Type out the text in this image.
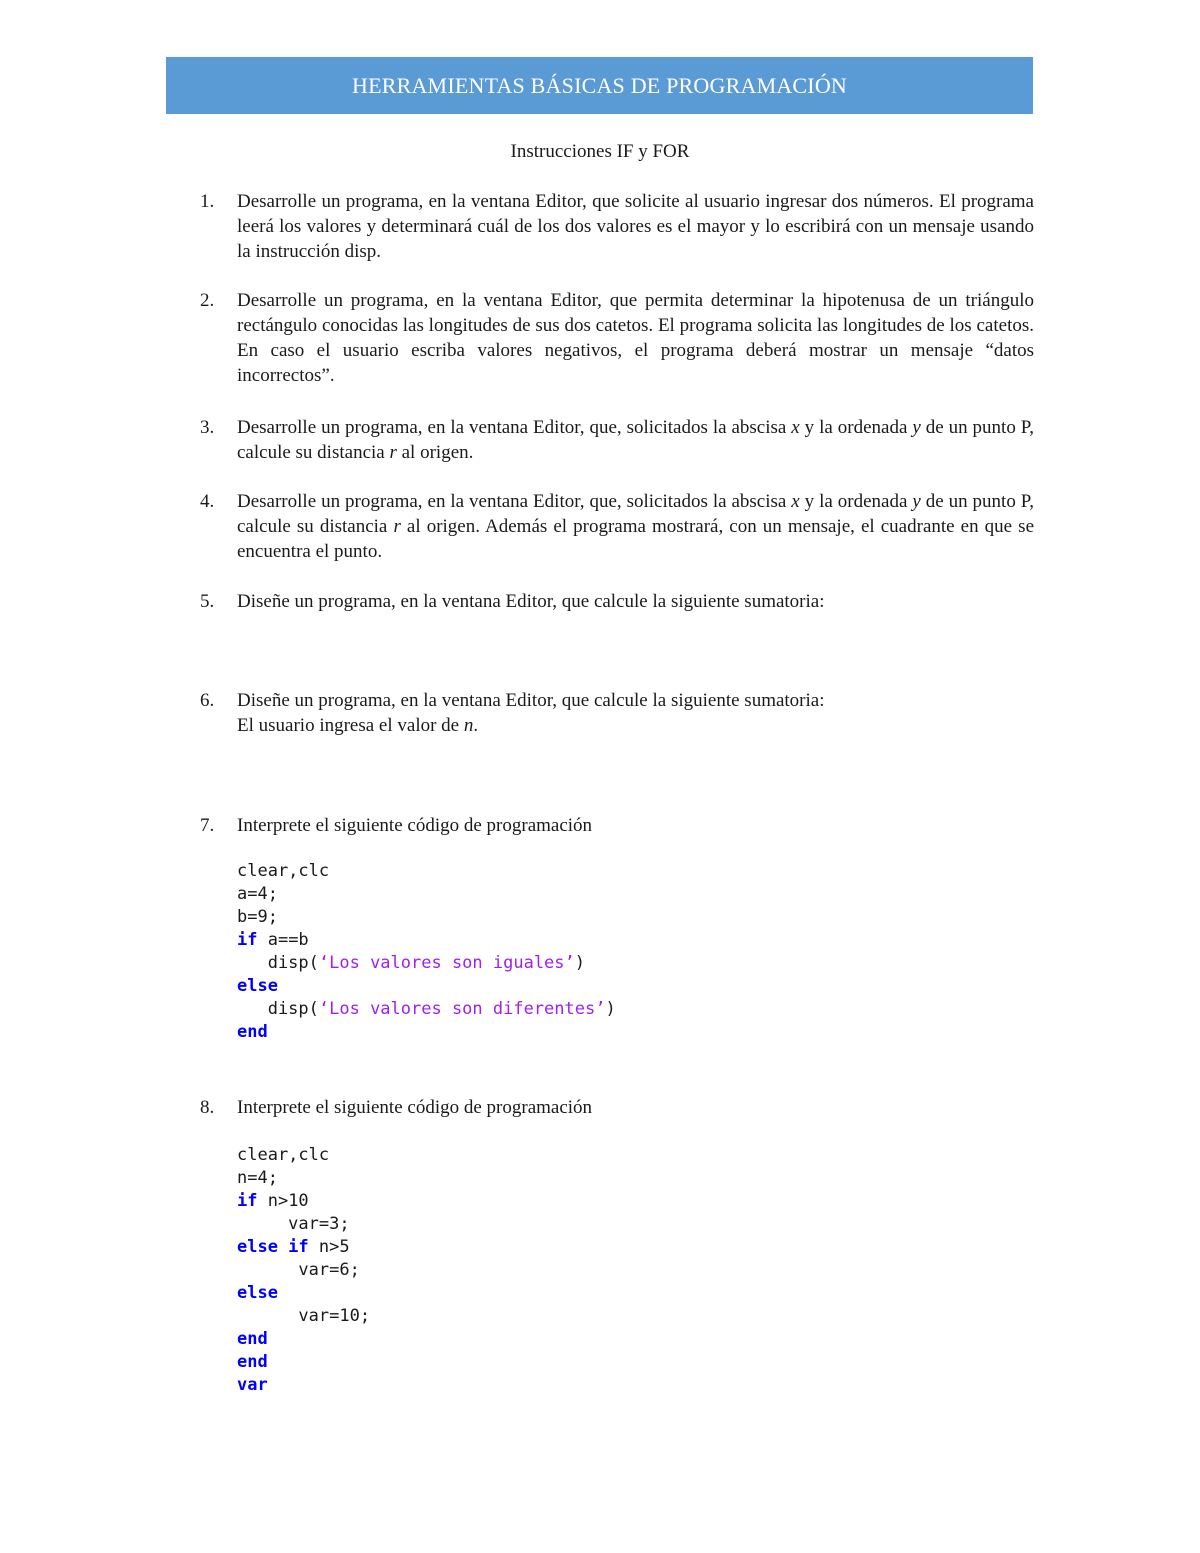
HERRAMIENTAS BÁSICAS DE PROGRAMACIÓN
Instrucciones IF y FOR
1. Desarrolle un programa, en la ventana Editor, que solicite al usuario ingresar dos números. El programa leerá los valores y determinará cuál de los dos valores es el mayor y lo escribirá con un mensaje usando la instrucción disp.

2. Desarrolle un programa, en la ventana Editor, que permita determinar la hipotenusa de un triángulo rectángulo conocidas las longitudes de sus dos catetos. El programa solicita las longitudes de los catetos. En caso el usuario escriba valores negativos, el programa deberá mostrar un mensaje “datos incorrectos”.

3. Desarrolle un programa, en la ventana Editor, que, solicitados la abscisa x y la ordenada y de un punto P, calcule su distancia r al origen.

4. Desarrolle un programa, en la ventana Editor, que, solicitados la abscisa x y la ordenada y de un punto P, calcule su distancia r al origen. Además el programa mostrará, con un mensaje, el cuadrante en que se encuentra el punto.

5. Diseñe un programa, en la ventana Editor, que calcule la siguiente sumatoria:

6. Diseñe un programa, en la ventana Editor, que calcule la siguiente sumatoria:

El usuario ingresa el valor de n.

7. Interprete el siguiente código de programación

clear,clc
a=4;
b=9;
if a==b
disp(‘Los valores son iguales’)
else
disp(‘Los valores son diferentes’)
end
8. Interprete el siguiente código de programación

clear,clc
n=4;
if n>10
var=3;
else if n>5
var=6;
else
var=10;
end
end
var
